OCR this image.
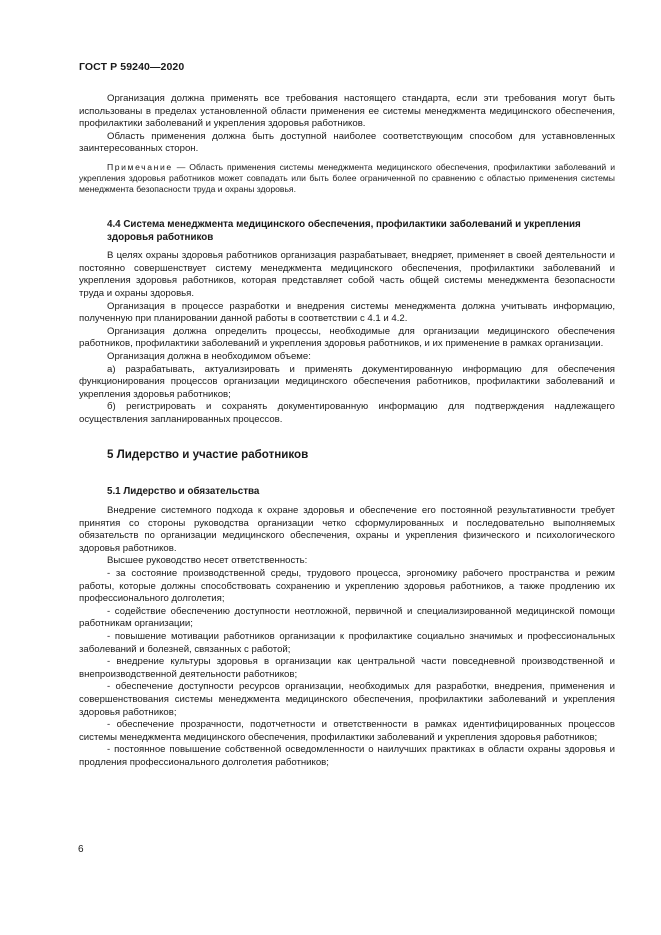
ГОСТ Р 59240—2020

Организация должна применять все требования настоящего стандарта, если эти требования могут быть использованы в пределах установленной области применения ее системы менеджмента медицинского обеспечения, профилактики заболеваний и укрепления здоровья работников.

Область применения должна быть доступной наиболее соответствующим способом для уставновленных заинтересованных сторон.

Примечание — Область применения системы менеджмента медицинского обеспечения, профилактики заболеваний и укрепления здоровья работников может совпадать или быть более ограниченной по сравнению с областью применения системы менеджмента безопасности труда и охраны здоровья.

4.4 Система менеджмента медицинского обеспечения, профилактики заболеваний и укрепления здоровья работников

В целях охраны здоровья работников организация разрабатывает, внедряет, применяет в своей деятельности и постоянно совершенствует систему менеджмента медицинского обеспечения, профилактики заболеваний и укрепления здоровья работников, которая представляет собой часть общей системы менеджмента безопасности труда и охраны здоровья.

Организация в процессе разработки и внедрения системы менеджмента должна учитывать информацию, полученную при планировании данной работы в соответствии с 4.1 и 4.2.

Организация должна определить процессы, необходимые для организации медицинского обеспечения работников, профилактики заболеваний и укрепления здоровья работников, и их применение в рамках организации.

Организация должна в необходимом объеме:

а) разрабатывать, актуализировать и применять документированную информацию для обеспечения функционирования процессов организации медицинского обеспечения работников, профилактики заболеваний и укрепления здоровья работников;

б) регистрировать и сохранять документированную информацию для подтверждения надлежащего осуществления запланированных процессов.

5 Лидерство и участие работников

5.1 Лидерство и обязательства

Внедрение системного подхода к охране здоровья и обеспечение его постоянной результативности требует принятия со стороны руководства организации четко сформулированных и последовательно выполняемых обязательств по организации медицинского обеспечения, охраны и укрепления физического и психологического здоровья работников.

Высшее руководство несет ответственность:

- за состояние производственной среды, трудового процесса, эргономику рабочего пространства и режим работы, которые должны способствовать сохранению и укреплению здоровья работников, а также продлению их профессионального долголетия;

- содействие обеспечению доступности неотложной, первичной и специализированной медицинской помощи работникам организации;

- повышение мотивации работников организации к профилактике социально значимых и профессиональных заболеваний и болезней, связанных с работой;

- внедрение культуры здоровья в организации как центральной части повседневной производственной и внепроизводственной деятельности работников;

- обеспечение доступности ресурсов организации, необходимых для разработки, внедрения, применения и совершенствования системы менеджмента медицинского обеспечения, профилактики заболеваний и укрепления здоровья работников;

- обеспечение прозрачности, подотчетности и ответственности в рамках идентифицированных процессов системы менеджмента медицинского обеспечения, профилактики заболеваний и укрепления здоровья работников;

- постоянное повышение собственной осведомленности о наилучших практиках в области охраны здоровья и продления профессионального долголетия работников;

6
